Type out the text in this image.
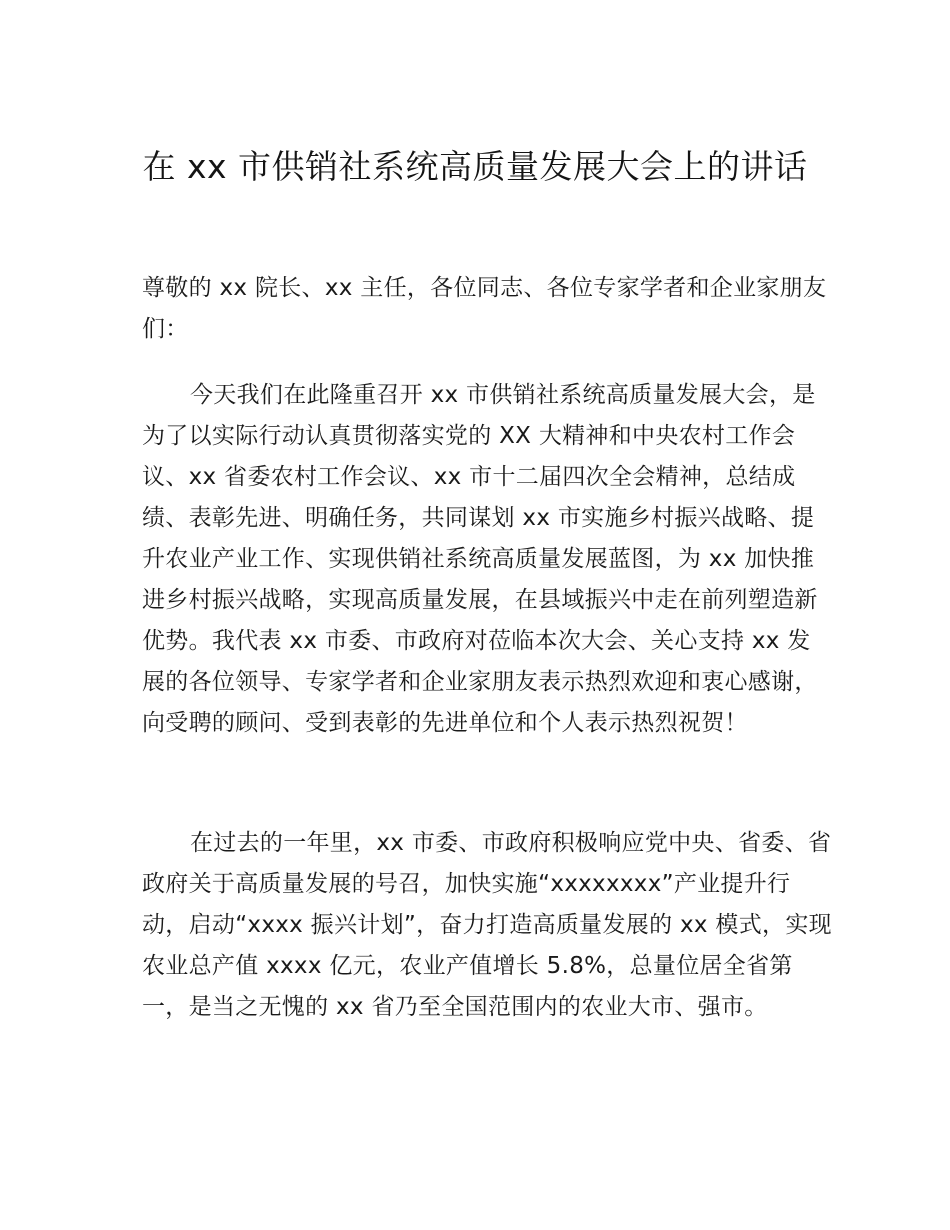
在 xx 市供销社系统高质量发展大会上的讲话

尊敬的 xx 院长、xx 主任，各位同志、各位专家学者和企业家朋友们：

今天我们在此隆重召开 xx 市供销社系统高质量发展大会，是为了以实际行动认真贯彻落实党的 XX 大精神和中央农村工作会议、xx 省委农村工作会议、xx 市十二届四次全会精神，总结成绩、表彰先进、明确任务，共同谋划 xx 市实施乡村振兴战略、提升农业产业工作、实现供销社系统高质量发展蓝图，为 xx 加快推进乡村振兴战略，实现高质量发展，在县域振兴中走在前列塑造新优势。我代表 xx 市委、市政府对莅临本次大会、关心支持 xx 发展的各位领导、专家学者和企业家朋友表示热烈欢迎和衷心感谢，向受聘的顾问、受到表彰的先进单位和个人表示热烈祝贺！

在过去的一年里，xx 市委、市政府积极响应党中央、省委、省政府关于高质量发展的号召，加快实施“xxxxxxxx”产业提升行动，启动“xxxx 振兴计划”，奋力打造高质量发展的 xx 模式，实现农业总产值 xxxx 亿元，农业产值增长 5.8%，总量位居全省第一，是当之无愧的 xx 省乃至全国范围内的农业大市、强市。
